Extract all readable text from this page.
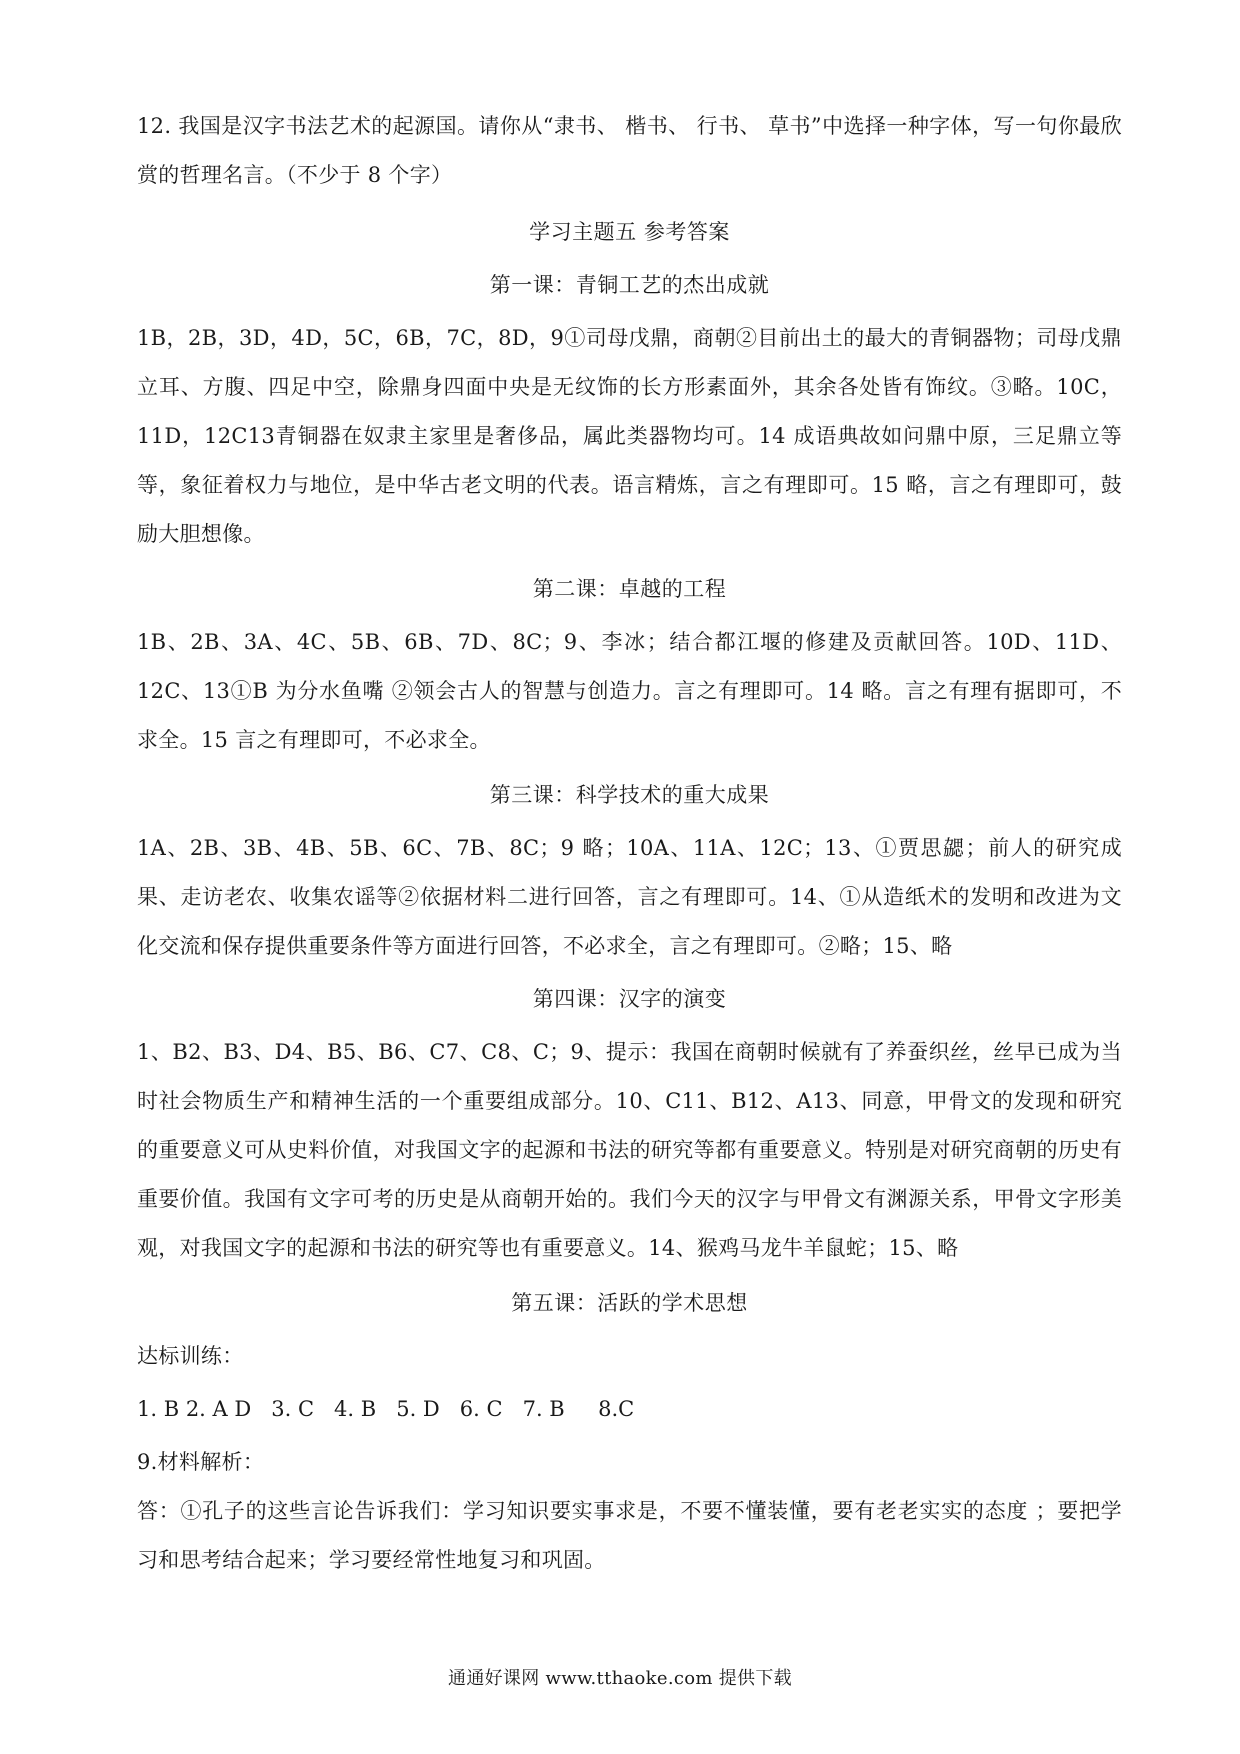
12. 我国是汉字书法艺术的起源国。请你从“隶书、 楷书、 行书、 草书”中选择一种字体，写一句你最欣赏的哲理名言。（不少于 8 个字）

学习主题五 参考答案

第一课：青铜工艺的杰出成就

1B，2B，3D，4D，5C，6B，7C，8D，9①司母戊鼎，商朝②目前出土的最大的青铜器物；司母戊鼎立耳、方腹、四足中空，除鼎身四面中央是无纹饰的长方形素面外，其余各处皆有饰纹。③略。10C，11D，12C13青铜器在奴隶主家里是奢侈品，属此类器物均可。14 成语典故如问鼎中原，三足鼎立等等，象征着权力与地位，是中华古老文明的代表。语言精炼，言之有理即可。15 略，言之有理即可，鼓励大胆想像。

第二课：卓越的工程

1B、2B、3A、4C、5B、6B、7D、8C；9、李冰；结合都江堰的修建及贡献回答。10D、11D、12C、13①B 为分水鱼嘴 ②领会古人的智慧与创造力。言之有理即可。14 略。言之有理有据即可，不求全。15 言之有理即可，不必求全。

第三课：科学技术的重大成果

1A、2B、3B、4B、5B、6C、7B、8C；9 略；10A、11A、12C；13、①贾思勰；前人的研究成果、走访老农、收集农谣等②依据材料二进行回答，言之有理即可。14、①从造纸术的发明和改进为文化交流和保存提供重要条件等方面进行回答，不必求全，言之有理即可。②略；15、略

第四课：汉字的演变

1、B2、B3、D4、B5、B6、C7、C8、C；9、提示：我国在商朝时候就有了养蚕织丝，丝早已成为当时社会物质生产和精神生活的一个重要组成部分。10、C11、B12、A13、同意，甲骨文的发现和研究的重要意义可从史料价值，对我国文字的起源和书法的研究等都有重要意义。特别是对研究商朝的历史有重要价值。我国有文字可考的历史是从商朝开始的。我们今天的汉字与甲骨文有渊源关系，甲骨文字形美观，对我国文字的起源和书法的研究等也有重要意义。14、猴鸡马龙牛羊鼠蛇；15、略

第五课：活跃的学术思想

达标训练：

1. B 2. A D   3. C   4. B   5. D   6. C   7. B     8.C

9.材料解析：

答：①孔子的这些言论告诉我们：学习知识要实事求是，不要不懂装懂，要有老老实实的态度 ；要把学习和思考结合起来；学习要经常性地复习和巩固。

通通好课网 www.tthaoke.com 提供下载
